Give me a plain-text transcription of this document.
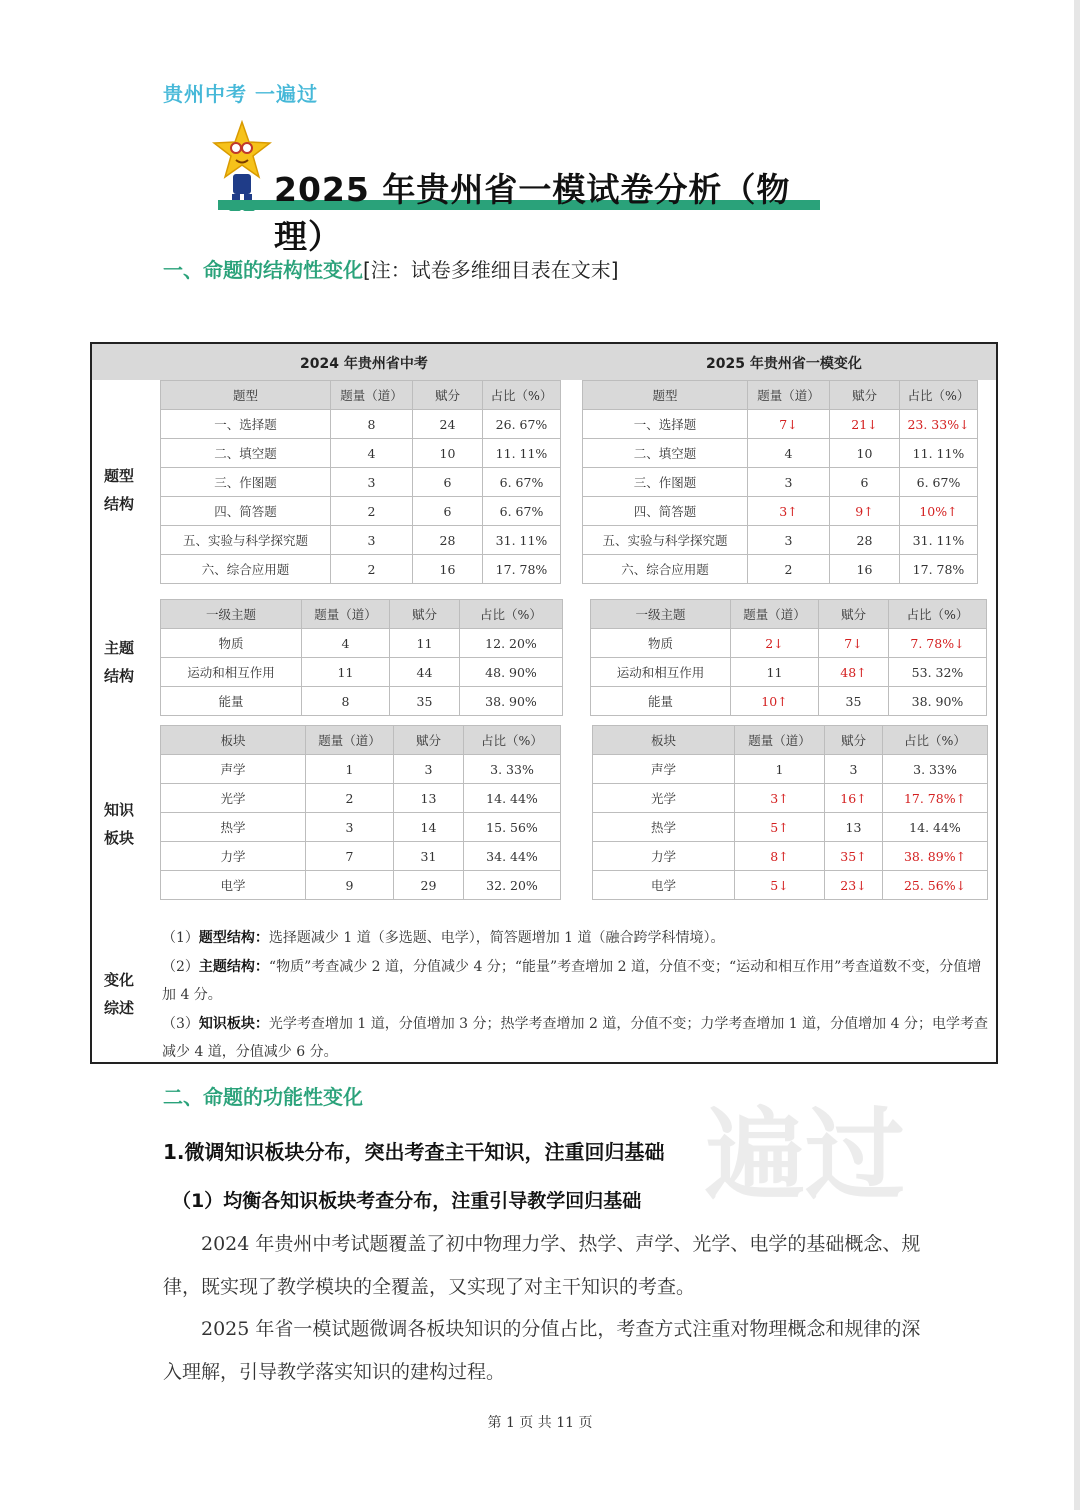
贵州中考 一遍过
2025 年贵州省一模试卷分析（物理）
一、命题的结构性变化[注：试卷多维细目表在文末]
2024 年贵州省中考	2025 年贵州省一模变化
题型
结构
主题
结构
知识
板块
变化
综述
题型	题量（道）	赋分	占比（%）
一、选择题	8	24	26. 67%
二、填空题	4	10	11. 11%
三、作图题	3	6	6. 67%
四、简答题	2	6	6. 67%
五、实验与科学探究题	3	28	31. 11%
六、综合应用题	2	16	17. 78%
题型	题量（道）	赋分	占比（%）
一、选择题	7↓	21↓	23. 33%↓
二、填空题	4	10	11. 11%
三、作图题	3	6	6. 67%
四、简答题	3↑	9↑	10%↑
五、实验与科学探究题	3	28	31. 11%
六、综合应用题	2	16	17. 78%
一级主题	题量（道）	赋分	占比（%）
物质	4	11	12. 20%
运动和相互作用	11	44	48. 90%
能量	8	35	38. 90%
一级主题	题量（道）	赋分	占比（%）
物质	2↓	7↓	7. 78%↓
运动和相互作用	11	48↑	53. 32%
能量	10↑	35	38. 90%
板块	题量（道）	赋分	占比（%）
声学	1	3	3. 33%
光学	2	13	14. 44%
热学	3	14	15. 56%
力学	7	31	34. 44%
电学	9	29	32. 20%
板块	题量（道）	赋分	占比（%）
声学	1	3	3. 33%
光学	3↑	16↑	17. 78%↑
热学	5↑	13	14. 44%
力学	8↑	35↑	38. 89%↑
电学	5↓	23↓	25. 56%↓
（1）题型结构：选择题减少 1 道（多选题、电学），简答题增加 1 道（融合跨学科情境）。
（2）主题结构：“物质”考查减少 2 道，分值减少 4 分；“能量”考查增加 2 道，分值不变；“运动和相互作用”考查道数不变，分值增加 4 分。
（3）知识板块：光学考查增加 1 道，分值增加 3 分；热学考查增加 2 道，分值不变；力学考查增加 1 道，分值增加 4 分；电学考查减少 4 道，分值减少 6 分。
二、命题的功能性变化	遍过
1.微调知识板块分布，突出考查主干知识，注重回归基础
（1）均衡各知识板块考查分布，注重引导教学回归基础

2024 年贵州中考试题覆盖了初中物理力学、热学、声学、光学、电学的基础概念、规律，既实现了教学模块的全覆盖，又实现了对主干知识的考查。

2025 年省一模试题微调各板块知识的分值占比，考查方式注重对物理概念和规律的深入理解，引导教学落实知识的建构过程。

第 1 页 共 11 页
